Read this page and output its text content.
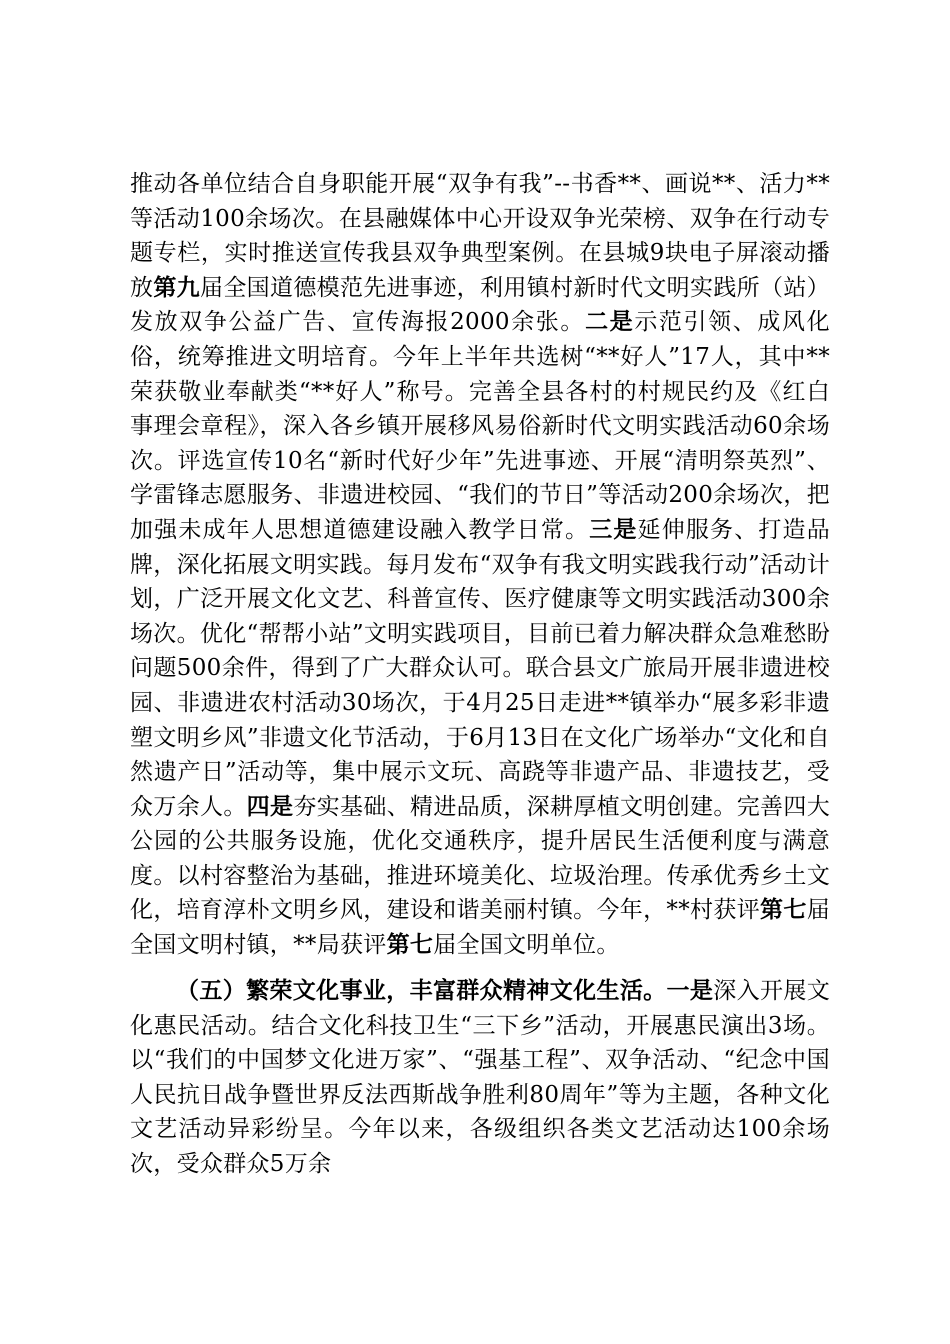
推动各单位结合自身职能开展“双争有我”--书香**、画说**、活力**等活动100余场次。在县融媒体中心开设双争光荣榜、双争在行动专题专栏，实时推送宣传我县双争典型案例。在县城9块电子屏滚动播放第九届全国道德模范先进事迹，利用镇村新时代文明实践所（站）发放双争公益广告、宣传海报2000余张。二是示范引领、成风化俗，统筹推进文明培育。今年上半年共选树“**好人”17人，其中**荣获敬业奉献类“**好人”称号。完善全县各村的村规民约及《红白事理会章程》，深入各乡镇开展移风易俗新时代文明实践活动60余场次。评选宣传10名“新时代好少年”先进事迹、开展“清明祭英烈”、学雷锋志愿服务、非遗进校园、“我们的节日”等活动200余场次，把加强未成年人思想道德建设融入教学日常。三是延伸服务、打造品牌，深化拓展文明实践。每月发布“双争有我文明实践我行动”活动计划，广泛开展文化文艺、科普宣传、医疗健康等文明实践活动300余场次。优化“帮帮小站”文明实践项目，目前已着力解决群众急难愁盼问题500余件，得到了广大群众认可。联合县文广旅局开展非遗进校园、非遗进农村活动30场次，于4月25日走进**镇举办“展多彩非遗塑文明乡风”非遗文化节活动，于6月13日在文化广场举办“文化和自然遗产日”活动等，集中展示文玩、高跷等非遗产品、非遗技艺，受众万余人。四是夯实基础、精进品质，深耕厚植文明创建。完善四大公园的公共服务设施，优化交通秩序，提升居民生活便利度与满意度。以村容整治为基础，推进环境美化、垃圾治理。传承优秀乡土文化，培育淳朴文明乡风，建设和谐美丽村镇。今年，**村获评第七届全国文明村镇，**局获评第七届全国文明单位。

（五）繁荣文化事业，丰富群众精神文化生活。一是深入开展文化惠民活动。结合文化科技卫生“三下乡”活动，开展惠民演出3场。以“我们的中国梦文化进万家”、“强基工程”、双争活动、“纪念中国人民抗日战争暨世界反法西斯战争胜利80周年”等为主题，各种文化文艺活动异彩纷呈。今年以来，各级组织各类文艺活动达100余场次，受众群众5万余
